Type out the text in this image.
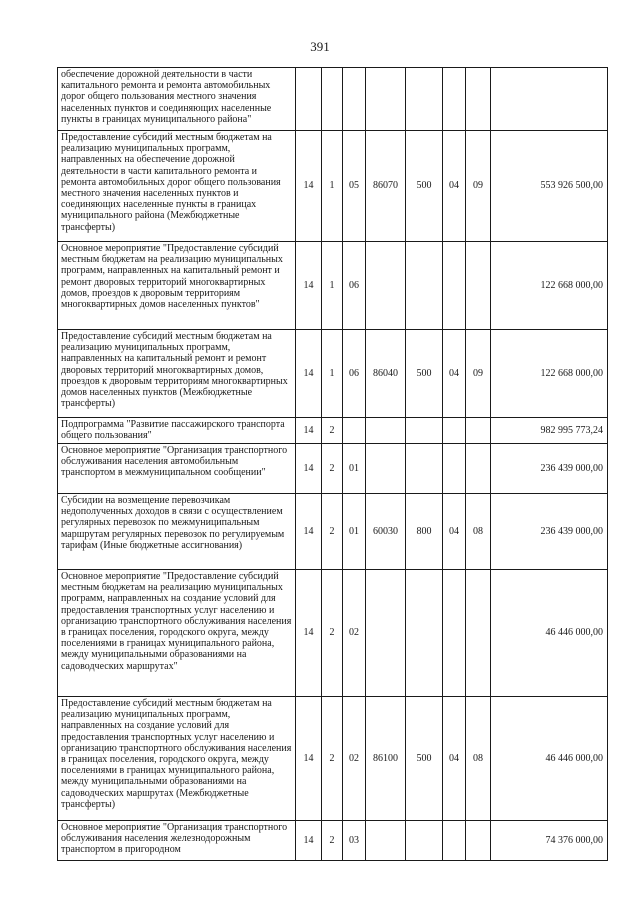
391
обеспечение дорожной деятельности в части капитального ремонта и ремонта автомобильных дорог общего пользования местного значения населенных пунктов и соединяющих населенные пункты в границах муниципального района"								
Предоставление субсидий местным бюджетам на реализацию муниципальных программ, направленных на обеспечение дорожной деятельности в части капитального ремонта и ремонта автомобильных дорог общего пользования местного значения населенных пунктов и соединяющих населенные пункты в границах муниципального района (Межбюджетные трансферты)	14	1	05	86070	500	04	09	553 926 500,00
Основное мероприятие "Предоставление субсидий местным бюджетам на реализацию муниципальных программ, направленных на капитальный ремонт и ремонт дворовых территорий многоквартирных домов, проездов к дворовым территориям многоквартирных домов населенных пунктов"	14	1	06					122 668 000,00
Предоставление субсидий местным бюджетам на реализацию муниципальных программ, направленных на капитальный ремонт и ремонт дворовых территорий многоквартирных домов, проездов к дворовым территориям многоквартирных домов населенных пунктов (Межбюджетные трансферты)	14	1	06	86040	500	04	09	122 668 000,00
Подпрограмма "Развитие пассажирского транспорта общего пользования"	14	2						982 995 773,24
Основное мероприятие "Организация транспортного обслуживания населения автомобильным транспортом в межмуниципальном сообщении"	14	2	01					236 439 000,00
Субсидии на возмещение перевозчикам недополученных доходов в связи с осуществлением регулярных перевозок по межмуниципальным маршрутам регулярных перевозок по регулируемым тарифам (Иные бюджетные ассигнования)	14	2	01	60030	800	04	08	236 439 000,00
Основное мероприятие "Предоставление субсидий местным бюджетам на реализацию муниципальных программ, направленных на создание условий для предоставления транспортных услуг населению и организацию транспортного обслуживания населения в границах поселения, городского округа, между поселениями в границах муниципального района, между муниципальными образованиями на садоводческих маршрутах"	14	2	02					46 446 000,00
Предоставление субсидий местным бюджетам на реализацию муниципальных программ, направленных на создание условий для предоставления транспортных услуг населению и организацию транспортного обслуживания населения в границах поселения, городского округа, между поселениями в границах муниципального района, между муниципальными образованиями на садоводческих маршрутах (Межбюджетные трансферты)	14	2	02	86100	500	04	08	46 446 000,00
Основное мероприятие "Организация транспортного обслуживания населения железнодорожным транспортом в пригородном	14	2	03					74 376 000,00
